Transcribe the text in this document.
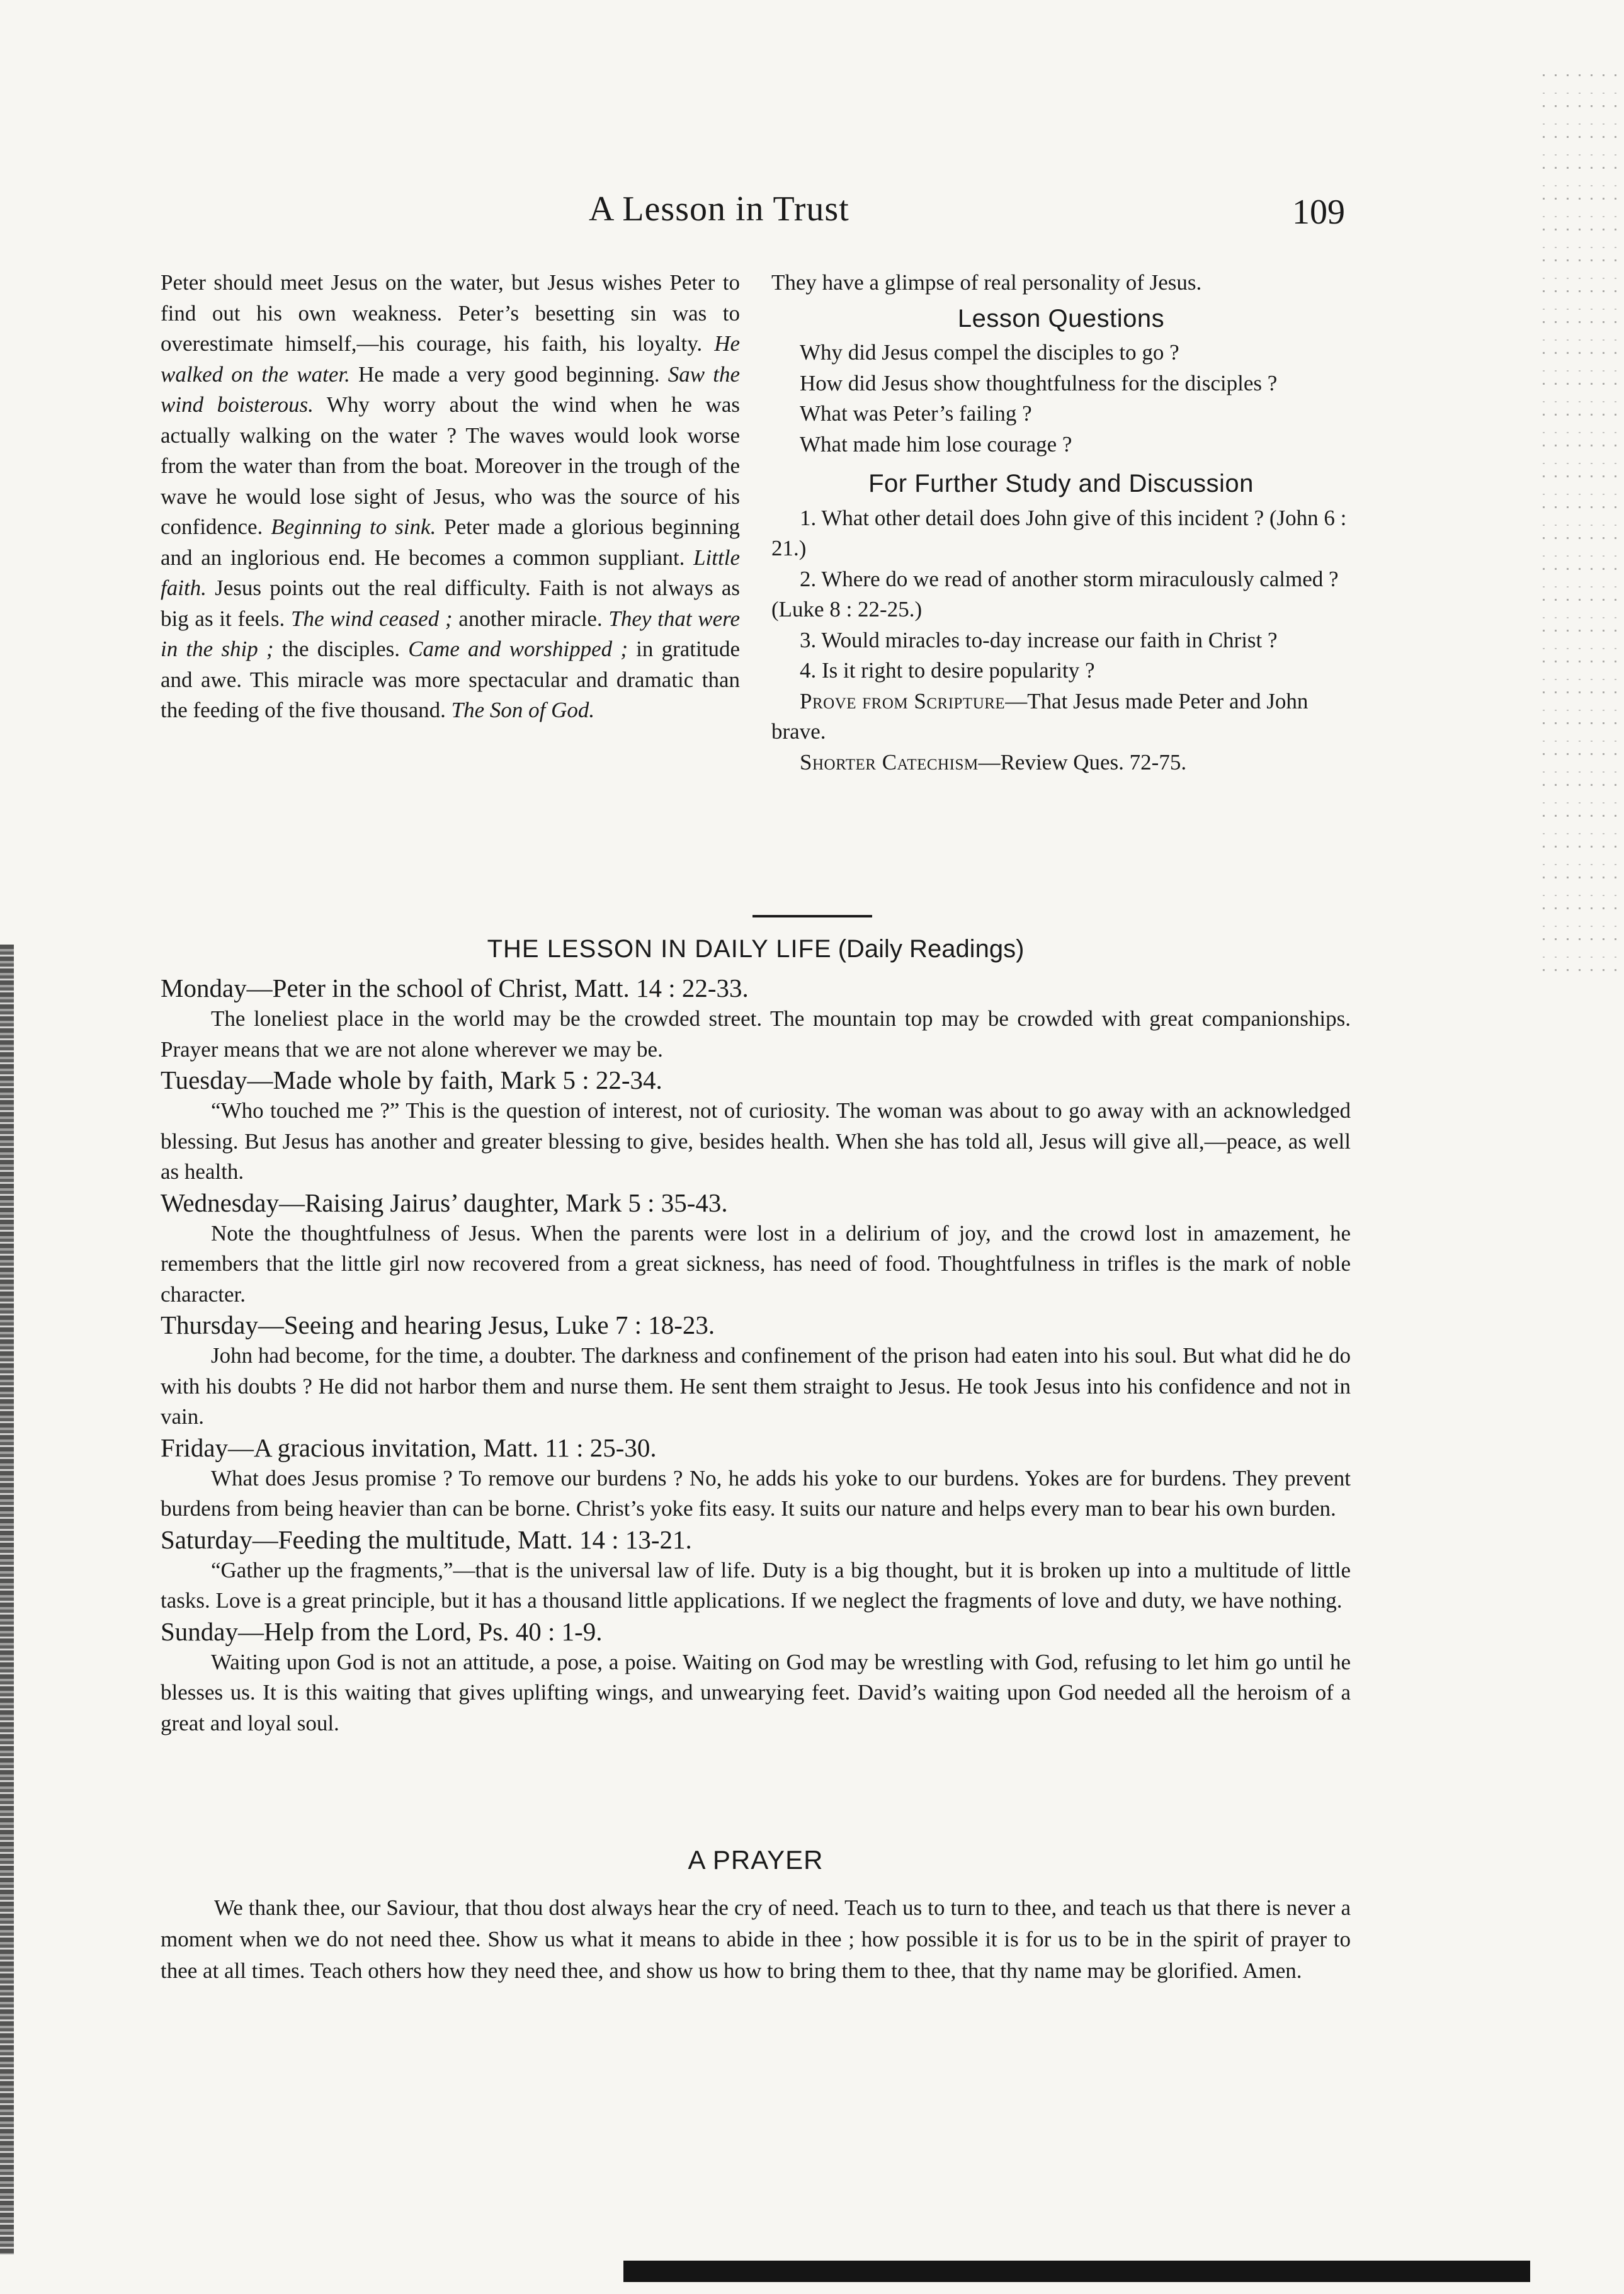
A Lesson in Trust	109

Peter should meet Jesus on the water, but Jesus wishes Peter to find out his own weakness. Peter’s besetting sin was to overestimate himself,—his courage, his faith, his loyalty. He walked on the water. He made a very good beginning. Saw the wind boisterous. Why worry about the wind when he was actually walking on the water ? The waves would look worse from the water than from the boat. Moreover in the trough of the wave he would lose sight of Jesus, who was the source of his confidence. Beginning to sink. Peter made a glorious beginning and an inglorious end. He becomes a common suppliant. Little faith. Jesus points out the real difficulty. Faith is not always as big as it feels. The wind ceased ; another miracle. They that were in the ship ; the disciples. Came and worshipped ; in gratitude and awe. This miracle was more spectacular and dramatic than the feeding of the five thousand. The Son of God.

They have a glimpse of real personality of Jesus.

Lesson Questions

Why did Jesus compel the disciples to go ?

How did Jesus show thoughtfulness for the disciples ?

What was Peter’s failing ?

What made him lose courage ?

For Further Study and Discussion

1. What other detail does John give of this incident ? (John 6 : 21.)

2. Where do we read of another storm miraculously calmed ? (Luke 8 : 22-25.)

3. Would miracles to-day increase our faith in Christ ?

4. Is it right to desire popularity ?

Prove from Scripture—That Jesus made Peter and John brave.

Shorter Catechism—Review Ques. 72-75.

THE LESSON IN DAILY LIFE (Daily Readings)

Monday—Peter in the school of Christ, Matt. 14 : 22-33.

The loneliest place in the world may be the crowded street. The mountain top may be crowded with great companionships. Prayer means that we are not alone wherever we may be.

Tuesday—Made whole by faith, Mark 5 : 22-34.

“Who touched me ?” This is the question of interest, not of curiosity. The woman was about to go away with an acknowledged blessing. But Jesus has another and greater blessing to give, besides health. When she has told all, Jesus will give all,—peace, as well as health.

Wednesday—Raising Jairus’ daughter, Mark 5 : 35-43.

Note the thoughtfulness of Jesus. When the parents were lost in a delirium of joy, and the crowd lost in amazement, he remembers that the little girl now recovered from a great sickness, has need of food. Thoughtfulness in trifles is the mark of noble character.

Thursday—Seeing and hearing Jesus, Luke 7 : 18-23.

John had become, for the time, a doubter. The darkness and confinement of the prison had eaten into his soul. But what did he do with his doubts ? He did not harbor them and nurse them. He sent them straight to Jesus. He took Jesus into his confidence and not in vain.

Friday—A gracious invitation, Matt. 11 : 25-30.

What does Jesus promise ? To remove our burdens ? No, he adds his yoke to our burdens. Yokes are for burdens. They prevent burdens from being heavier than can be borne. Christ’s yoke fits easy. It suits our nature and helps every man to bear his own burden.

Saturday—Feeding the multitude, Matt. 14 : 13-21.

“Gather up the fragments,”—that is the universal law of life. Duty is a big thought, but it is broken up into a multitude of little tasks. Love is a great principle, but it has a thousand little applications. If we neglect the fragments of love and duty, we have nothing.

Sunday—Help from the Lord, Ps. 40 : 1-9.

Waiting upon God is not an attitude, a pose, a poise. Waiting on God may be wrestling with God, refusing to let him go until he blesses us. It is this waiting that gives uplifting wings, and unwearying feet. David’s waiting upon God needed all the heroism of a great and loyal soul.

A PRAYER

We thank thee, our Saviour, that thou dost always hear the cry of need. Teach us to turn to thee, and teach us that there is never a moment when we do not need thee. Show us what it means to abide in thee ; how possible it is for us to be in the spirit of prayer to thee at all times. Teach others how they need thee, and show us how to bring them to thee, that thy name may be glorified. Amen.
